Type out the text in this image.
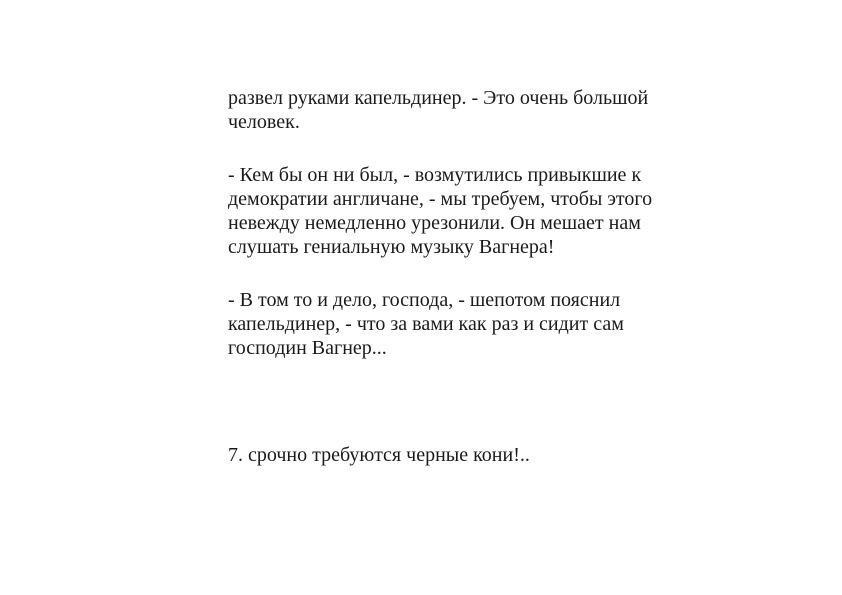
развел руками капельдинер. - Это очень большой
человек.
- Кем бы он ни был, - возмутились привыкшие к
демократии англичане, - мы требуем, чтобы этого
невежду немедленно урезонили. Он мешает нам
слушать гениальную музыку Вагнера!
- В том то и дело, господа, - шепотом пояснил
капельдинер, - что за вами как раз и сидит сам
господин Вагнер...
7. срочно требуются черные кони!..
